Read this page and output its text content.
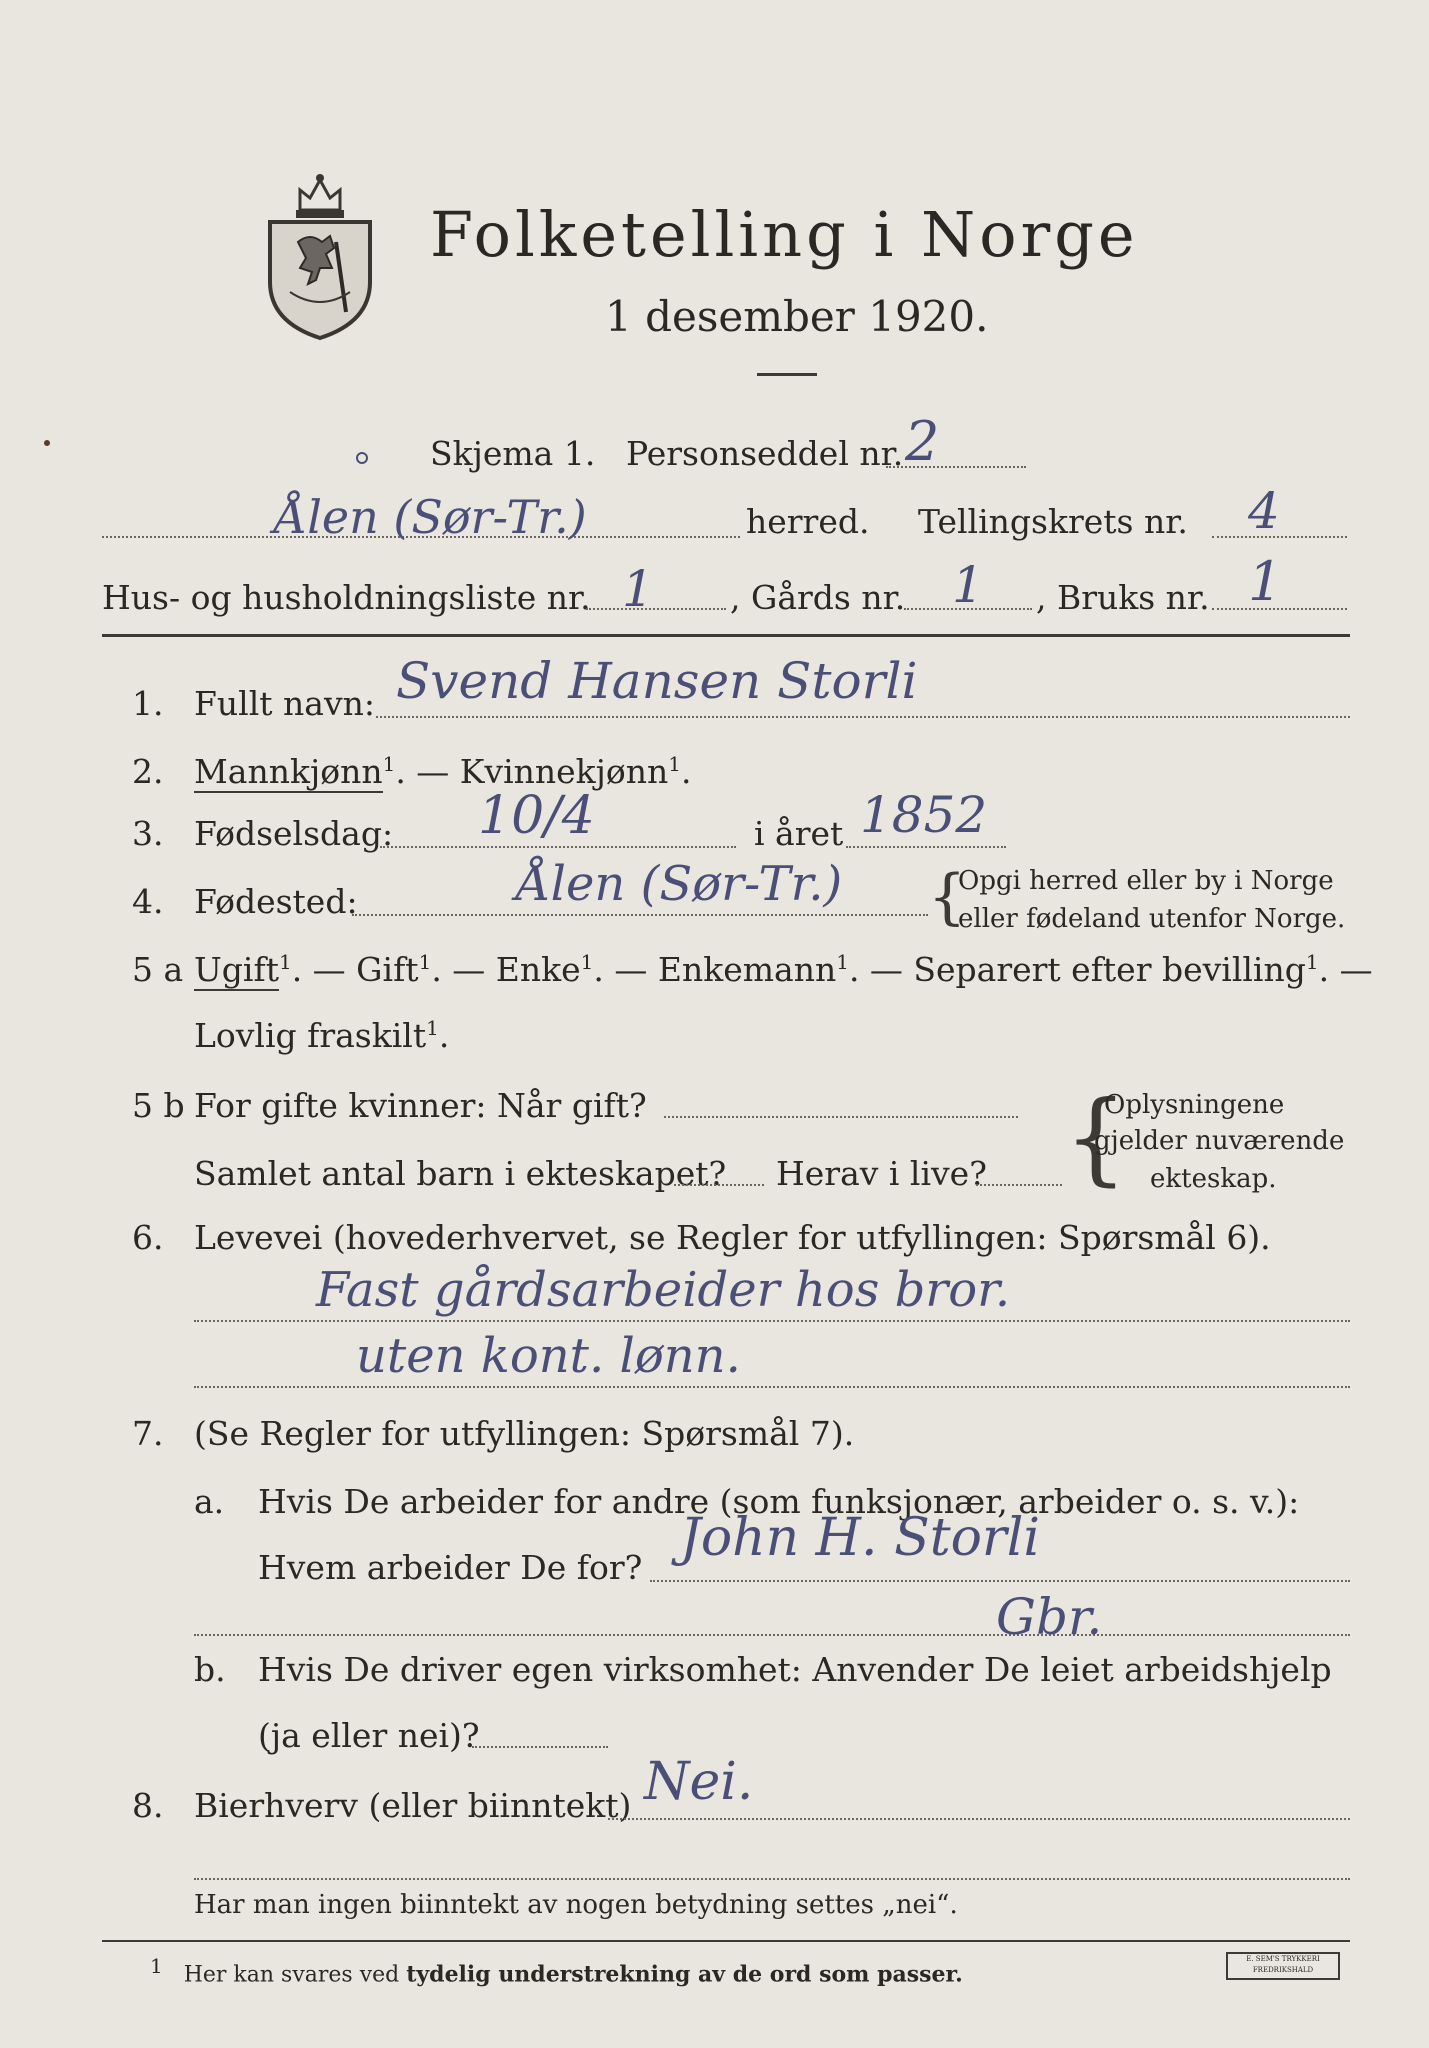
Folketelling i Norge
1 desember 1920.
Skjema 1. Personseddel nr. 2
Ålen (Sør-Tr.)	herred. Tellingskrets nr. 4
Hus- og husholdningsliste nr. 1 , Gårds nr. 1 , Bruks nr. 1
1. Fullt navn: Svend Hansen Storli
2. Mannkjønn$^1$. — Kvinnekjønn$^1$.
3. Fødselsdag: 10/4	i året 1852
4. Fødested:	Ålen (Sør-Tr.) {
Opgi herred eller by i Norge
eller fødeland utenfor Norge.
5 a Ugift$^1$. — Gift$^1$. — Enke$^1$. — Enkemann$^1$. — Separert efter bevilling$^1$. —
Lovlig fraskilt$^1$.
5 b For gifte kvinner: Når gift?
Samlet antal barn i ekteskapet? Herav i live? {
Oplysningene
gjelder nuværende
ekteskap.
6. Levevei (hovederhvervet, se Regler for utfyllingen: Spørsmål 6).
Fast gårdsarbeider hos bror.
uten kont. lønn.
7. (Se Regler for utfyllingen: Spørsmål 7).
a. Hvis De arbeider for andre (som funksjonær, arbeider o. s. v.):
Hvem arbeider De for? John H. Storli
Gbr.
b. Hvis De driver egen virksomhet: Anvender De leiet arbeidshjelp
(ja eller nei)?
8. Bierhverv (eller biinntekt) Nei.
Har man ingen biinntekt av nogen betydning settes „nei“.
$^1$ Her kan svares ved tydelig understrekning av de ord som passer.
E. SEM'S TRYKKERI FREDRIKSHALD
